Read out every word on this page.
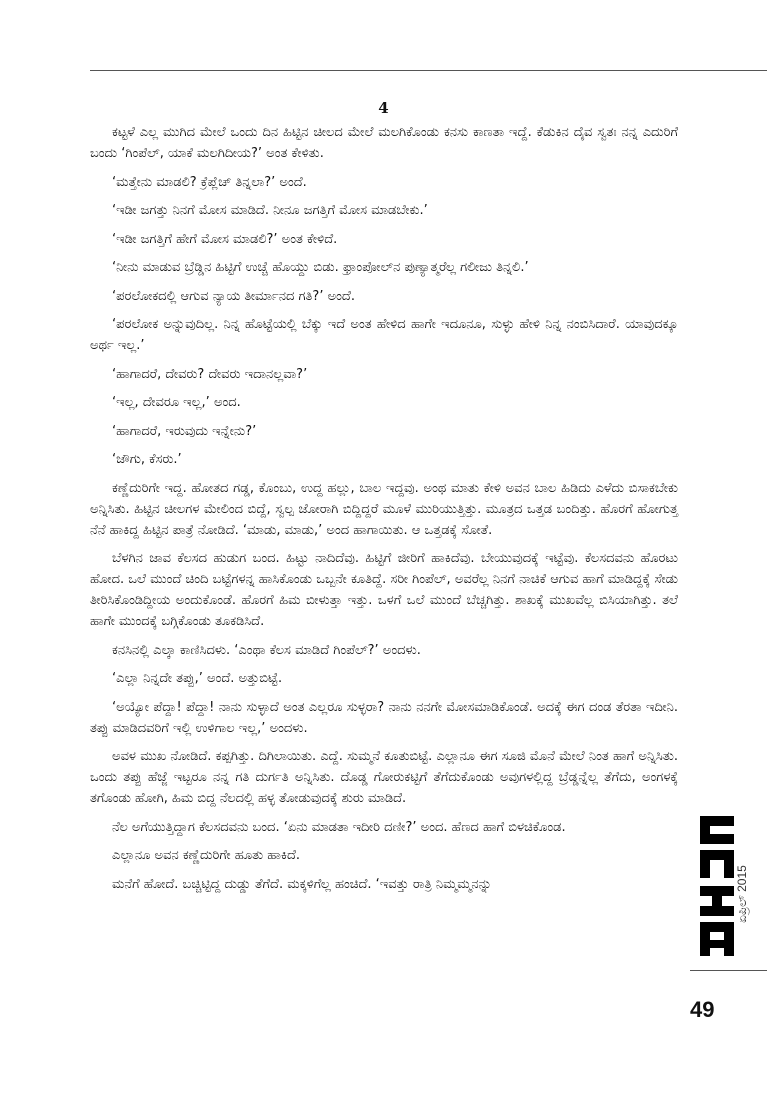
4

ಕಟ್ಟಳೆ ಎಲ್ಲ ಮುಗಿದ ಮೇಲೆ ಒಂದು ದಿನ ಹಿಟ್ಟಿನ ಚೀಲದ ಮೇಲೆ ಮಲಗಿಕೊಂಡು ಕನಸು ಕಾಣತಾ ಇದ್ದೆ. ಕೆಡುಕಿನ ದೈವ ಸ್ವತಃ ನನ್ನ ಎದುರಿಗೆ ಬಂದು ‘ಗಿಂಪೆಲ್, ಯಾಕೆ ಮಲಗಿದೀಯ?’ ಅಂತ ಕೇಳಿತು.

‘ಮತ್ತೇನು ಮಾಡಲಿ? ಕ್ರೆಪ್ಲೆಚ್ ತಿನ್ನಲಾ?’ ಅಂದೆ.

‘ಇಡೀ ಜಗತ್ತು ನಿನಗೆ ಮೋಸ ಮಾಡಿದೆ. ನೀನೂ ಜಗತ್ತಿಗೆ ಮೋಸ ಮಾಡಬೇಕು.’

‘ಇಡೀ ಜಗತ್ತಿಗೆ ಹೇಗೆ ಮೋಸ ಮಾಡಲಿ?’ ಅಂತ ಕೇಳಿದೆ.

‘ನೀನು ಮಾಡುವ ಬ್ರೆಡ್ಡಿನ ಹಿಟ್ಟಿಗೆ ಉಚ್ಚೆ ಹೊಯ್ದು ಬಿಡು. ಫ್ರಾಂಪೋಲ್‌ನ ಪುಣ್ಯಾತ್ಮರೆಲ್ಲ ಗಲೀಜು ತಿನ್ನಲಿ.’

‘ಪರಲೋಕದಲ್ಲಿ ಆಗುವ ನ್ಯಾಯ ತೀರ್ಮಾನದ ಗತಿ?’ ಅಂದೆ.

‘ಪರಲೋಕ ಅನ್ನುವುದಿಲ್ಲ. ನಿನ್ನ ಹೊಟ್ಟೆಯಲ್ಲಿ ಬೆಕ್ಕು ಇದೆ ಅಂತ ಹೇಳಿದ ಹಾಗೇ ಇದೂನೂ, ಸುಳ್ಳು ಹೇಳಿ ನಿನ್ನ ನಂಬಿಸಿದಾರೆ. ಯಾವುದಕ್ಕೂ ಅರ್ಥ ಇಲ್ಲ.’

‘ಹಾಗಾದರೆ, ದೇವರು? ದೇವರು ಇದಾನಲ್ಲವಾ?’

‘ಇಲ್ಲ, ದೇವರೂ ಇಲ್ಲ,’ ಅಂದ.

‘ಹಾಗಾದರೆ, ಇರುವುದು ಇನ್ನೇನು?’

‘ಜೌಗು, ಕೆಸರು.’

ಕಣ್ಣೆದುರಿಗೇ ಇದ್ದ. ಹೋತದ ಗಡ್ಡ, ಕೊಂಬು, ಉದ್ದ ಹಲ್ಲು, ಬಾಲ ಇದ್ದವು. ಅಂಥ ಮಾತು ಕೇಳಿ ಅವನ ಬಾಲ ಹಿಡಿದು ಎಳೆದು ಬಿಸಾಕಬೇಕು ಅನ್ನಿಸಿತು. ಹಿಟ್ಟಿನ ಚೀಲಗಳ ಮೇಲಿಂದ ಬಿದ್ದೆ, ಸ್ವಲ್ಪ ಜೋರಾಗಿ ಬಿದ್ದಿದ್ದರೆ ಮೂಳೆ ಮುರಿಯುತ್ತಿತ್ತು. ಮೂತ್ರದ ಒತ್ತಡ ಬಂದಿತ್ತು. ಹೊರಗೆ ಹೋಗುತ್ತ ನೆನೆ ಹಾಕಿದ್ದ ಹಿಟ್ಟಿನ ಪಾತ್ರೆ ನೋಡಿದೆ. ‘ಮಾಡು, ಮಾಡು,’ ಅಂದ ಹಾಗಾಯಿತು. ಆ ಒತ್ತಡಕ್ಕೆ ಸೋತೆ.

ಬೆಳಗಿನ ಜಾವ ಕೆಲಸದ ಹುಡುಗ ಬಂದ. ಹಿಟ್ಟು ನಾದಿದೆವು. ಹಿಟ್ಟಿಗೆ ಜೀರಿಗೆ ಹಾಕಿದೆವು. ಬೇಯುವುದಕ್ಕೆ ಇಟ್ಟೆವು. ಕೆಲಸದವನು ಹೊರಟು ಹೋದ. ಒಲೆ ಮುಂದೆ ಚಿಂದಿ ಬಟ್ಟೆಗಳನ್ನ ಹಾಸಿಕೊಂಡು ಒಬ್ಬನೇ ಕೂತಿದ್ದೆ. ಸರೀ ಗಿಂಪೆಲ್, ಅವರೆಲ್ಲ ನಿನಗೆ ನಾಚಿಕೆ ಆಗುವ ಹಾಗೆ ಮಾಡಿದ್ದಕ್ಕೆ ಸೇಡು ತೀರಿಸಿಕೊಂಡಿದ್ದೀಯ ಅಂದುಕೊಂಡೆ. ಹೊರಗೆ ಹಿಮ ಬೀಳುತ್ತಾ ಇತ್ತು. ಒಳಗೆ ಒಲೆ ಮುಂದೆ ಬೆಚ್ಚಗಿತ್ತು. ಶಾಖಕ್ಕೆ ಮುಖವೆಲ್ಲ ಬಿಸಿಯಾಗಿತ್ತು. ತಲೆ ಹಾಗೇ ಮುಂದಕ್ಕೆ ಬಗ್ಗಿಕೊಂಡು ತೂಕಡಿಸಿದೆ.

ಕನಸಿನಲ್ಲಿ ಎಲ್ಕಾ ಕಾಣಿಸಿದಳು. ‘ಎಂಥಾ ಕೆಲಸ ಮಾಡಿದೆ ಗಿಂಪೆಲ್?’ ಅಂದಳು.

‘ಎಲ್ಲಾ ನಿನ್ನದೇ ತಪ್ಪು,’ ಅಂದೆ. ಅತ್ತುಬಿಟ್ಟೆ.

‘ಅಯ್ಯೋ ಪೆದ್ದಾ! ಪೆದ್ದಾ! ನಾನು ಸುಳ್ಳಾದೆ ಅಂತ ಎಲ್ಲರೂ ಸುಳ್ಳರಾ? ನಾನು ನನಗೇ ಮೋಸಮಾಡಿಕೊಂಡೆ. ಅದಕ್ಕೆ ಈಗ ದಂಡ ತೆರತಾ ಇದೀನಿ. ತಪ್ಪು ಮಾಡಿದವರಿಗೆ ಇಲ್ಲಿ ಉಳಿಗಾಲ ಇಲ್ಲ,’ ಅಂದಳು.

ಅವಳ ಮುಖ ನೋಡಿದೆ. ಕಪ್ಪಗಿತ್ತು. ದಿಗಿಲಾಯಿತು. ಎದ್ದೆ. ಸುಮ್ಮನೆ ಕೂತುಬಿಟ್ಟೆ. ಎಲ್ಲಾನೂ ಈಗ ಸೂಜಿ ಮೊನೆ ಮೇಲೆ ನಿಂತ ಹಾಗೆ ಅನ್ನಿಸಿತು. ಒಂದು ತಪ್ಪು ಹೆಜ್ಜೆ ಇಟ್ಟರೂ ನನ್ನ ಗತಿ ದುರ್ಗತಿ ಅನ್ನಿಸಿತು. ದೊಡ್ಡ ಗೋರುಕಟ್ಟಿಗೆ ತೆಗೆದುಕೊಂಡು ಅವುಗಳಲ್ಲಿದ್ದ ಬ್ರೆಡ್ಡನ್ನೆಲ್ಲ ತೆಗೆದು, ಅಂಗಳಕ್ಕೆ ತಗೊಂಡು ಹೋಗಿ, ಹಿಮ ಬಿದ್ದ ನೆಲದಲ್ಲಿ ಹಳ್ಳ ತೋಡುವುದಕ್ಕೆ ಶುರು ಮಾಡಿದೆ.

ನೆಲ ಅಗೆಯುತ್ತಿದ್ದಾಗ ಕೆಲಸದವನು ಬಂದ. ‘ಏನು ಮಾಡತಾ ಇದೀರಿ ದಣೀ?’ ಅಂದ. ಹೆಣದ ಹಾಗೆ ಬಿಳಚಿಕೊಂಡ.

ಎಲ್ಲಾನೂ ಅವನ ಕಣ್ಣೆದುರಿಗೇ ಹೂತು ಹಾಕಿದೆ.

ಮನೆಗೆ ಹೋದೆ. ಬಚ್ಚಿಟ್ಟಿದ್ದ ದುಡ್ಡು ತೆಗೆದೆ. ಮಕ್ಕಳಿಗೆಲ್ಲ ಹಂಚಿದೆ. ‘ಇವತ್ತು ರಾತ್ರಿ ನಿಮ್ಮಮ್ಮನನ್ನು	ಏಪ್ರಿಲ್ 2015
49
